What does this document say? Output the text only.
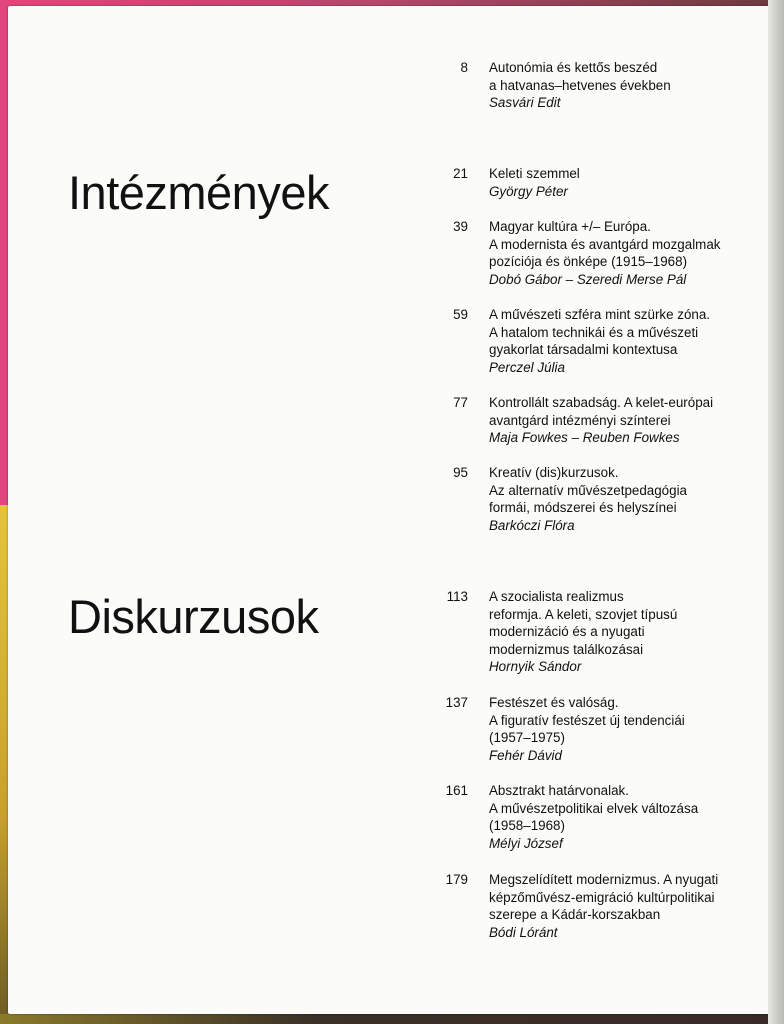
Intézmények
Diskurzusok
8 Autonómia és kettős beszéd
a hatvanas–hetvenes években
Sasvári Edit
21 Keleti szemmel
György Péter
39 Magyar kultúra +/– Európa.
A modernista és avantgárd mozgalmak
pozíciója és önképe (1915–1968)
Dobó Gábor – Szeredi Merse Pál
59 A művészeti szféra mint szürke zóna.
A hatalom technikái és a művészeti
gyakorlat társadalmi kontextusa
Perczel Júlia
77 Kontrollált szabadság. A kelet-európai
avantgárd intézményi színterei
Maja Fowkes – Reuben Fowkes
95 Kreatív (dis)kurzusok.
Az alternatív művészetpedagógia
formái, módszerei és helyszínei
Barkóczi Flóra
113 A szocialista realizmus
reformja. A keleti, szovjet típusú
modernizáció és a nyugati
modernizmus találkozásai
Hornyik Sándor
137 Festészet és valóság.
A figuratív festészet új tendenciái
(1957–1975)
Fehér Dávid
161 Absztrakt határvonalak.
A művészetpolitikai elvek változása
(1958–1968)
Mélyi József
179 Megszelídített modernizmus. A nyugati
képzőművész-emigráció kultúrpolitikai
szerepe a Kádár-korszakban
Bódi Lóránt
